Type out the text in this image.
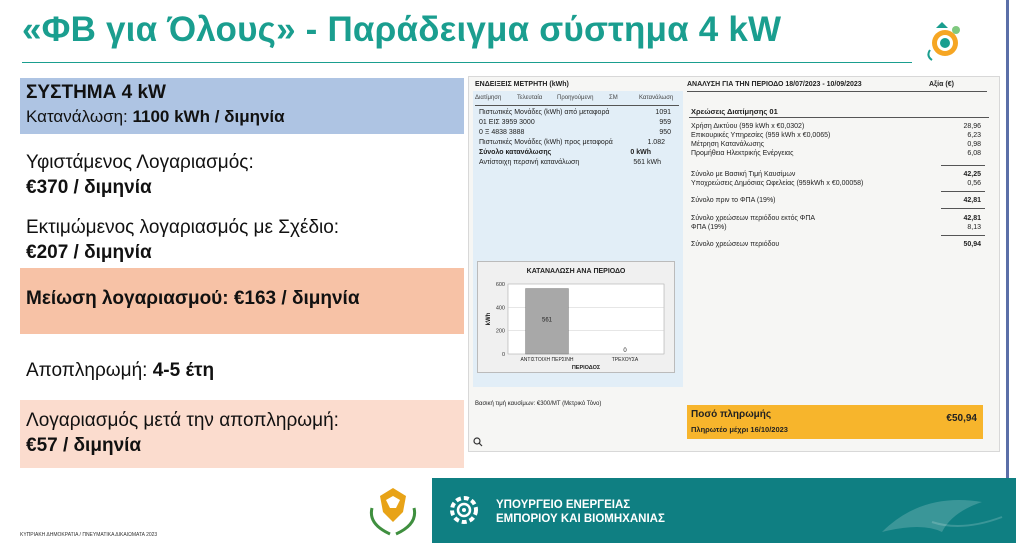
«ΦΒ για Όλους» - Παράδειγμα σύστημα 4 kW
ΣΥΣΤΗΜΑ 4 kW
Κατανάλωση: 1100 kWh / διμηνία
Υφιστάμενος Λογαριασμός:
€370 / διμηνία
Εκτιμώμενος λογαριασμός με Σχέδιο:
€207 / διμηνία
Μείωση λογαριασμού: €163 / διμηνία
Αποπληρωμή: 4-5 έτη
Λογαριασμός μετά την αποπληρωμή:
€57 / διμηνία
ΕΝΔΕΙΞΕΙΣ ΜΕΤΡΗΤΗ (kWh)
Διατίμηση	Τελευταία Προηγούμενη	ΣΜ	Κατανάλωση
Πιστωτικές Μονάδες (kWh) από μεταφορά	1091
01 ΕΙΣ 3959 3000	959
0 Ξ 4838 3888	950
Πιστωτικές Μονάδες (kWh) προς μεταφορά	1.082
Σύνολο κατανάλωσης	0 kWh
Αντίστοιχη περσινή κατανάλωση	561 kWh
ΑΝΑΛΥΣΗ ΓΙΑ ΤΗΝ ΠΕΡΙΟΔΟ 18/07/2023 - 10/09/2023	Αξία (€)
Χρεώσεις Διατίμησης 01
Χρήση Δικτύου (959 kWh x €0,0302)	28,96
Επικουρικές Υπηρεσίες (959 kWh x €0,0065)	6,23
Μέτρηση Κατανάλωσης	0,98
Προμήθεια Ηλεκτρικής Ενέργειας	6,08
Σύνολο με Βασική Τιμή Καυσίμων	42,25
Υποχρεώσεις Δημόσιας Ωφελείας (959kWh x €0,00058)	0,56
Σύνολο πριν το ΦΠΑ (19%)	42,81
Σύνολο χρεώσεων περιόδου εκτός ΦΠΑ	42,81
ΦΠΑ (19%)	8,13
Σύνολο χρεώσεων περιόδου	50,94
ΚΑΤΑΝΑΛΩΣΗ ΑΝΑ ΠΕΡΙΟΔΟ
0
200
400
600
561
ΑΝΤΙΣΤΟΙΧΗ ΠΕΡΣΙΝΗ
0
ΤΡΕΧΟΥΣΑ
ΠΕΡΙΟΔΟΣ
kWh
Βασική τιμή καυσίμων: €300/ΜΤ (Μετρικό Τόνο)
Ποσό πληρωμής
Πληρωτέο μέχρι 16/10/2023
€50,94
ΚΥΠΡΙΑΚΗ ΔΗΜΟΚΡΑΤΙΑ / ΠΝΕΥΜΑΤΙΚΑ ΔΙΚΑΙΩΜΑΤΑ 2023
ΥΠΟΥΡΓΕΙΟ ΕΝΕΡΓΕΙΑΣ
ΕΜΠΟΡΙΟΥ ΚΑΙ ΒΙΟΜΗΧΑΝΙΑΣ
